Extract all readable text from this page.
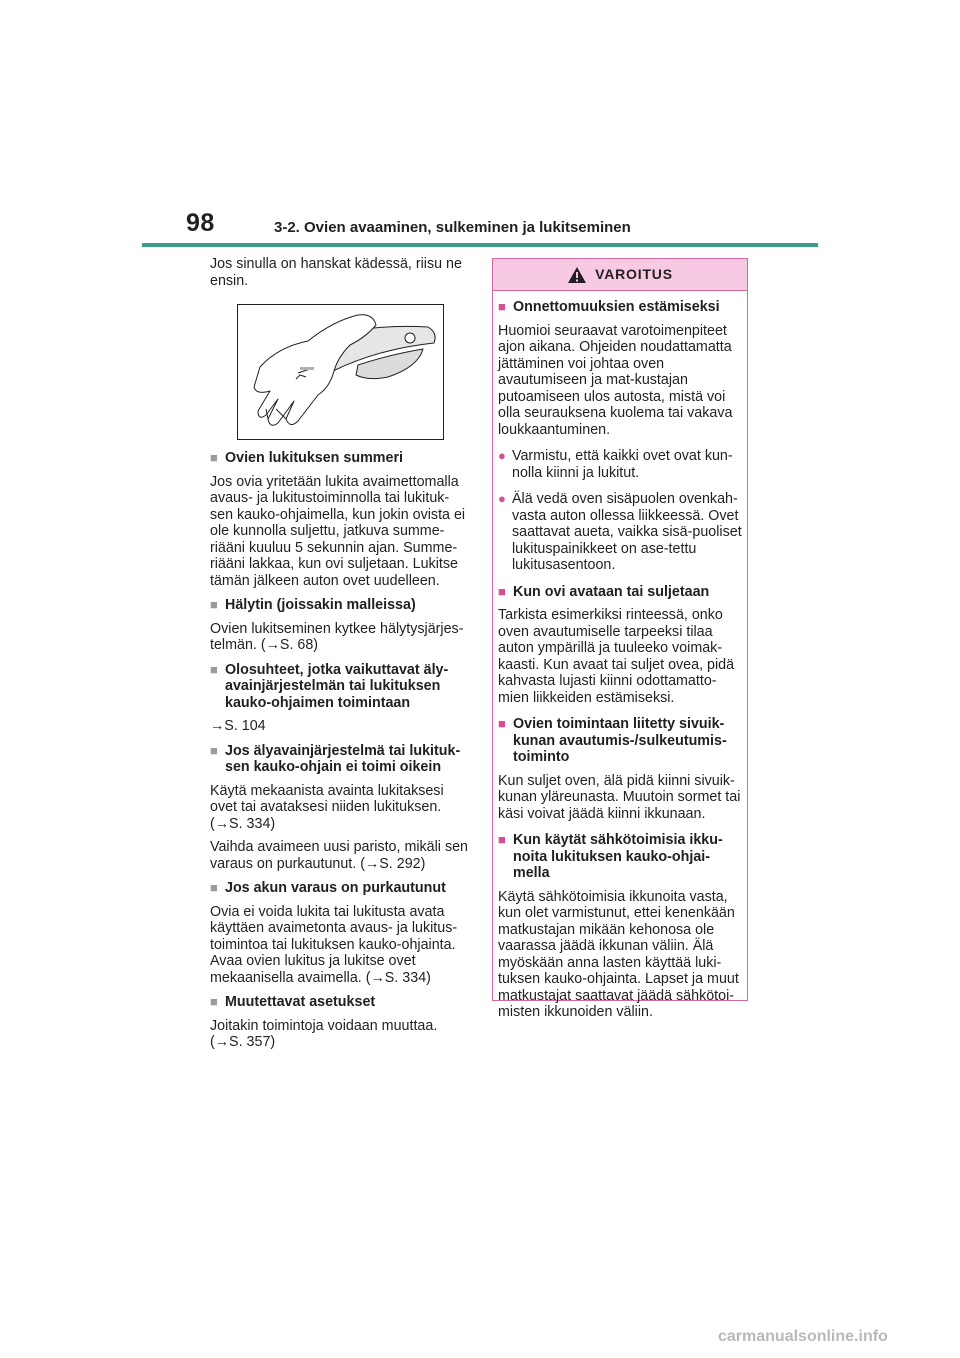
98	3-2. Ovien avaaminen, sulkeminen ja lukitseminen

Jos sinulla on hanskat kädessä, riisu ne ensin.

■ Ovien lukituksen summeri

Jos ovia yritetään lukita avaimettomalla avaus- ja lukitustoiminnolla tai lukituk-sen kauko-ohjaimella, kun jokin ovista ei ole kunnolla suljettu, jatkuva summe-riääni kuuluu 5 sekunnin ajan. Summe-riääni lakkaa, kun ovi suljetaan. Lukitse tämän jälkeen auton ovet uudelleen.

■ Hälytin (joissakin malleissa)

Ovien lukitseminen kytkee hälytysjärjes-telmän. (→S. 68)

■ Olosuhteet, jotka vaikuttavat äly-avainjärjestelmän tai lukituksen kauko-ohjaimen toimintaan

→S. 104

■ Jos älyavainjärjestelmä tai lukituk-sen kauko-ohjain ei toimi oikein

Käytä mekaanista avainta lukitaksesi ovet tai avataksesi niiden lukituksen. (→S. 334)

Vaihda avaimeen uusi paristo, mikäli sen varaus on purkautunut. (→S. 292)

■ Jos akun varaus on purkautunut

Ovia ei voida lukita tai lukitusta avata käyttäen avaimetonta avaus- ja lukitus-toimintoa tai lukituksen kauko-ohjainta. Avaa ovien lukitus ja lukitse ovet mekaanisella avaimella. (→S. 334)

■ Muutettavat asetukset

Joitakin toimintoja voidaan muuttaa. (→S. 357)

VAROITUS
■ Onnettomuuksien estämiseksi

Huomioi seuraavat varotoimenpiteet ajon aikana. Ohjeiden noudattamatta jättäminen voi johtaa oven avautumiseen ja mat-kustajan putoamiseen ulos autosta, mistä voi olla seurauksena kuolema tai vakava loukkaantuminen.

● Varmistu, että kaikki ovet ovat kun-nolla kiinni ja lukitut.
● Älä vedä oven sisäpuolen ovenkah-vasta auton ollessa liikkeessä. Ovet saattavat aueta, vaikka sisä-puoliset lukituspainikkeet on ase-tettu lukitusasentoon.
■ Kun ovi avataan tai suljetaan

Tarkista esimerkiksi rinteessä, onko oven avautumiselle tarpeeksi tilaa auton ympärillä ja tuuleeko voimak-kaasti. Kun avaat tai suljet ovea, pidä kahvasta lujasti kiinni odottamatto-mien liikkeiden estämiseksi.

■ Ovien toimintaan liitetty sivuik-kunan avautumis-/sulkeutumis-toiminto

Kun suljet oven, älä pidä kiinni sivuik-kunan yläreunasta. Muutoin sormet tai käsi voivat jäädä kiinni ikkunaan.

■ Kun käytät sähkötoimisia ikku-noita lukituksen kauko-ohjai-mella

Käytä sähkötoimisia ikkunoita vasta, kun olet varmistunut, ettei kenenkään matkustajan mikään kehonosa ole vaarassa jäädä ikkunan väliin. Älä myöskään anna lasten käyttää luki-tuksen kauko-ohjainta. Lapset ja muut matkustajat saattavat jäädä sähkötoi-misten ikkunoiden väliin.

carmanualsonline.info
